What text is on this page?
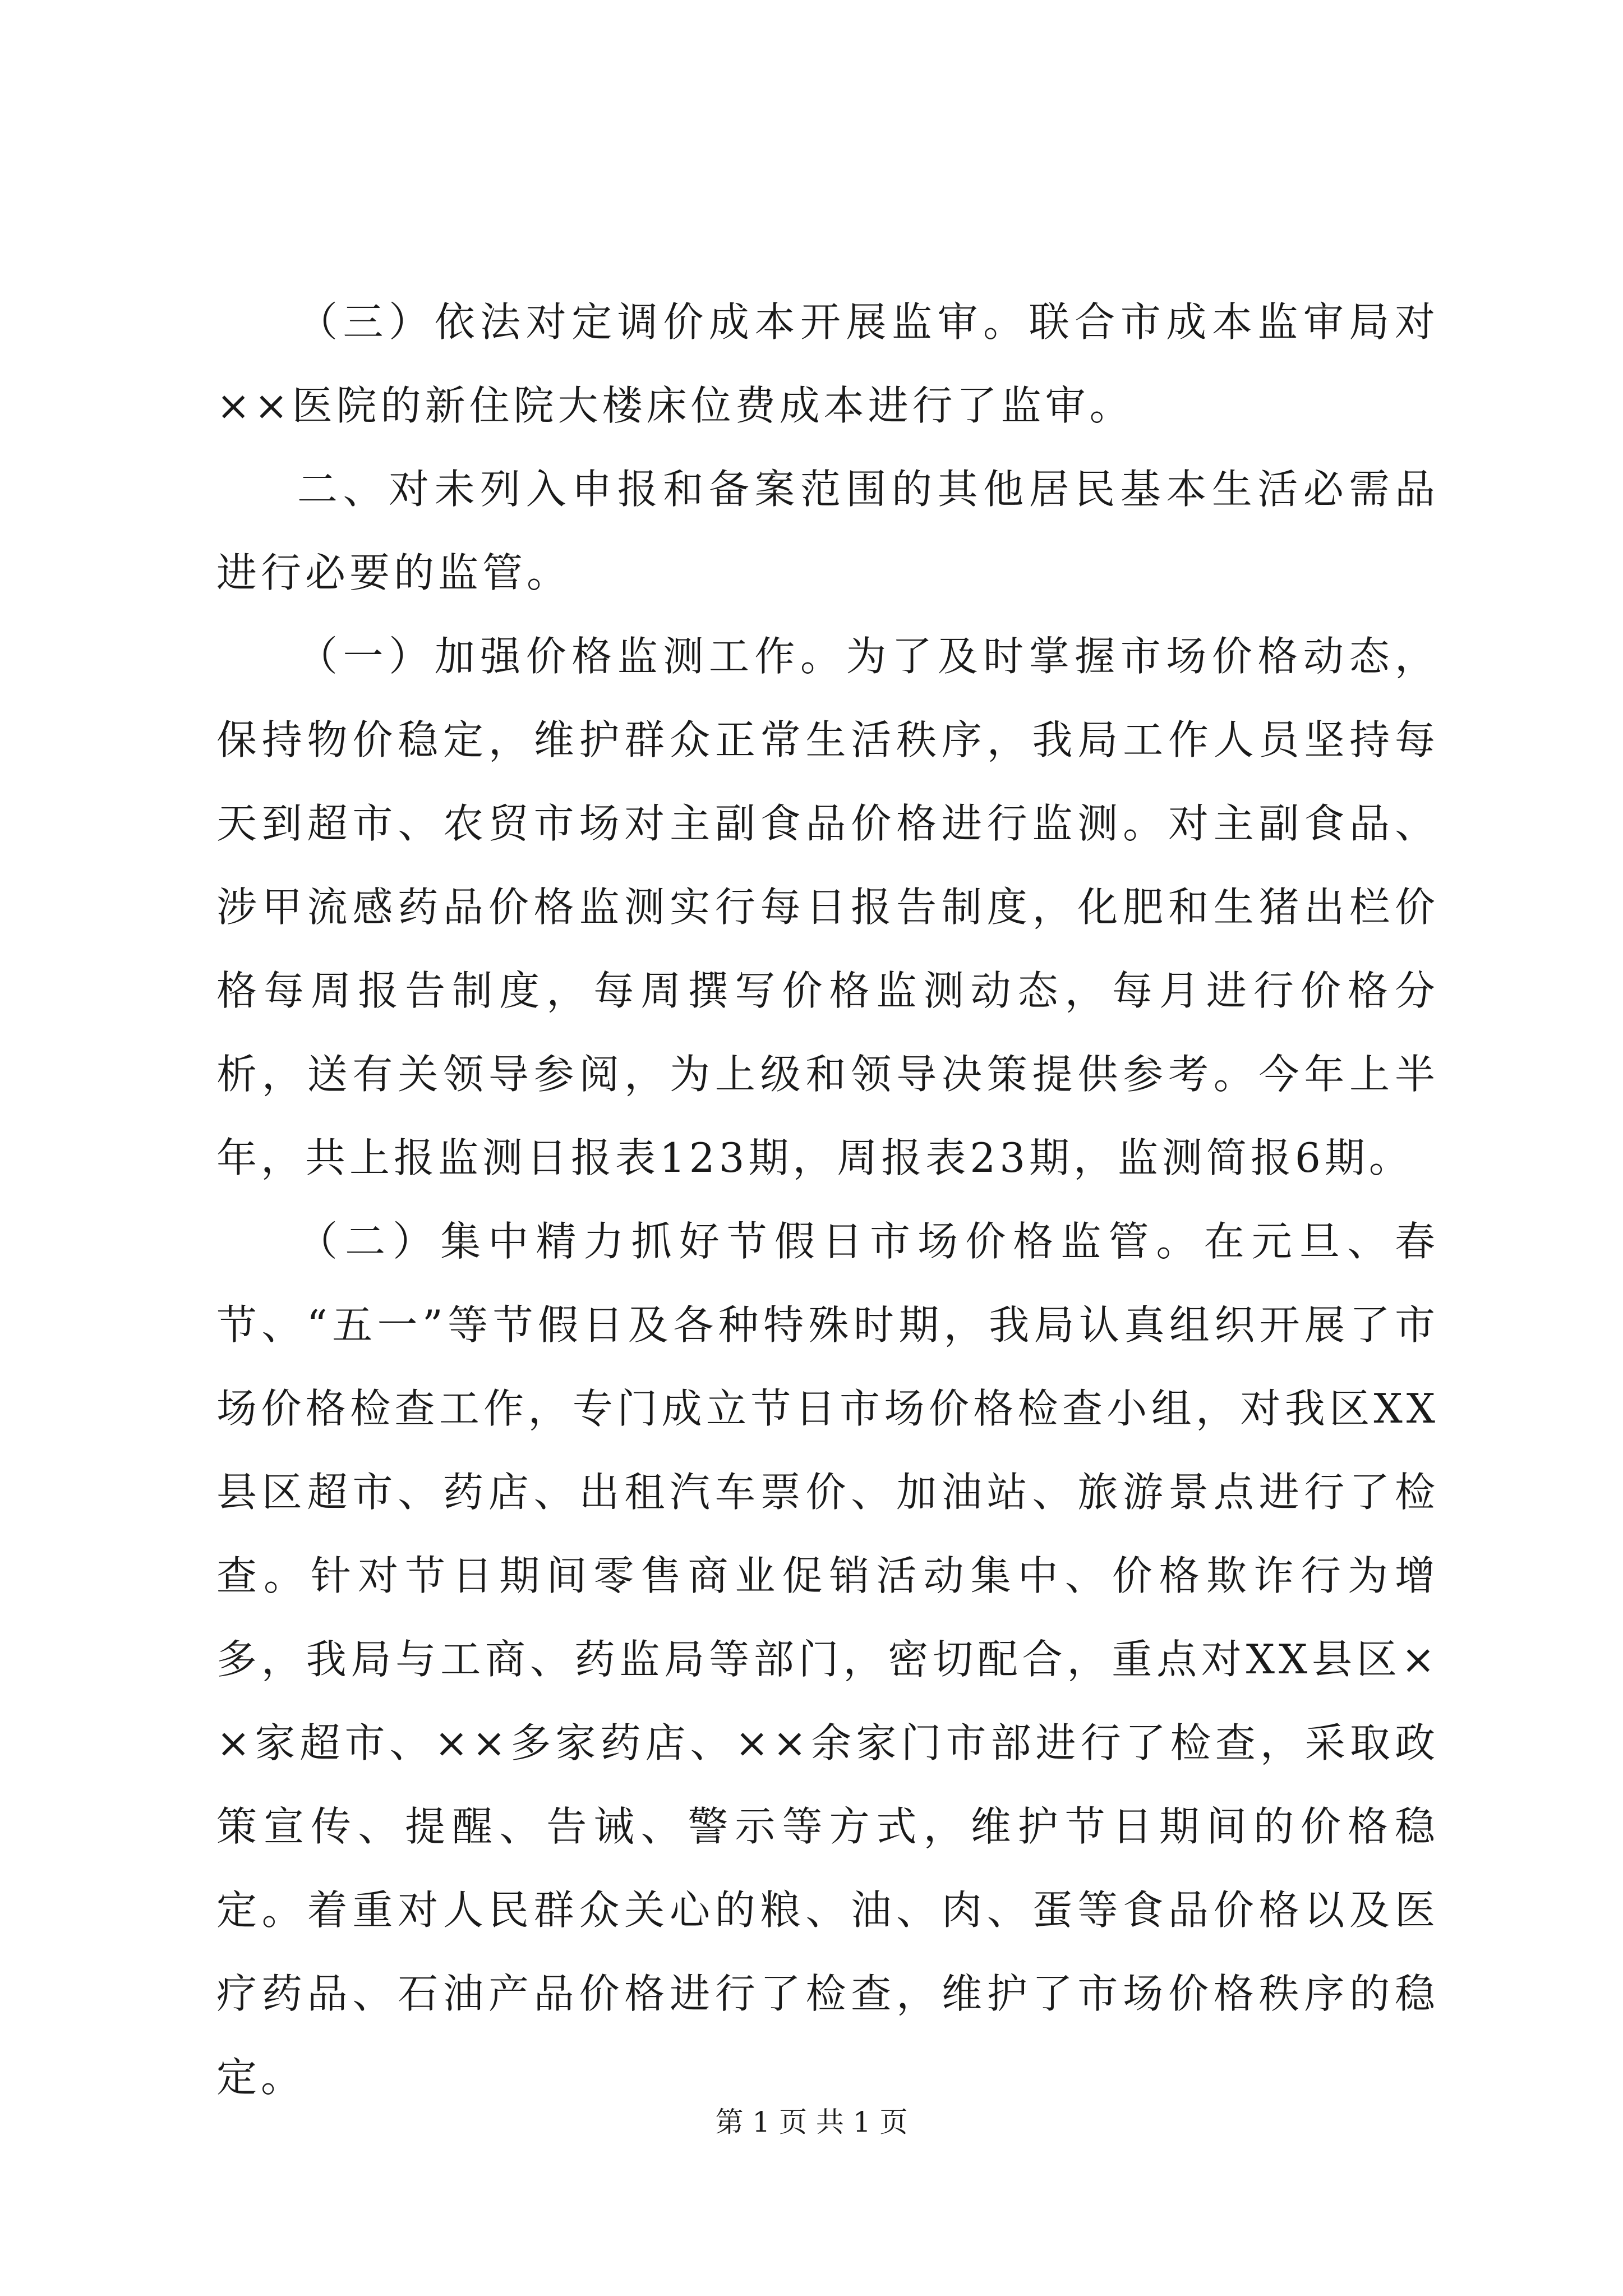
（三）依法对定调价成本开展监审。联合市成本监审局对××医院的新住院大楼床位费成本进行了监审。

二、对未列入申报和备案范围的其他居民基本生活必需品进行必要的监管。

（一）加强价格监测工作。为了及时掌握市场价格动态，保持物价稳定，维护群众正常生活秩序，我局工作人员坚持每天到超市、农贸市场对主副食品价格进行监测。对主副食品、涉甲流感药品价格监测实行每日报告制度，化肥和生猪出栏价格每周报告制度，每周撰写价格监测动态，每月进行价格分析，送有关领导参阅，为上级和领导决策提供参考。今年上半年，共上报监测日报表123期，周报表23期，监测简报6期。

（二）集中精力抓好节假日市场价格监管。在元旦、春节、“五一”等节假日及各种特殊时期，我局认真组织开展了市场价格检查工作，专门成立节日市场价格检查小组，对我区XX县区超市、药店、出租汽车票价、加油站、旅游景点进行了检查。针对节日期间零售商业促销活动集中、价格欺诈行为增多，我局与工商、药监局等部门，密切配合，重点对XX县区××家超市、××多家药店、××余家门市部进行了检查，采取政策宣传、提醒、告诫、警示等方式，维护节日期间的价格稳定。着重对人民群众关心的粮、油、肉、蛋等食品价格以及医疗药品、石油产品价格进行了检查，维护了市场价格秩序的稳定。

第 1 页 共 1 页
